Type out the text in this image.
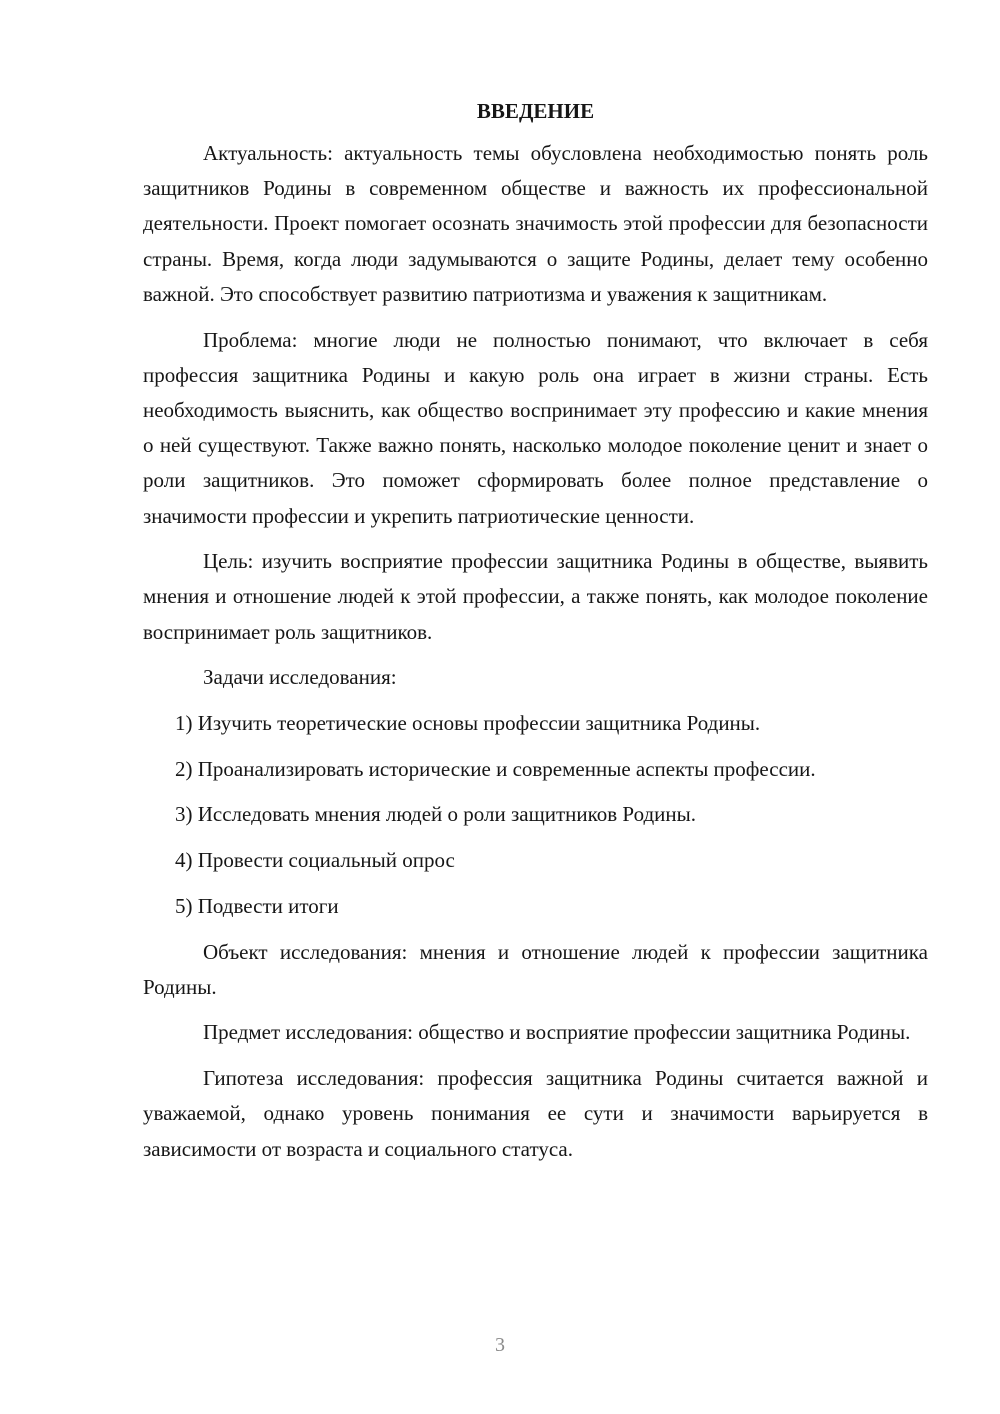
ВВЕДЕНИЕ

Актуальность: актуальность темы обусловлена необходимостью понять роль защитников Родины в современном обществе и важность их профессиональной деятельности. Проект помогает осознать значимость этой профессии для безопасности страны. Время, когда люди задумываются о защите Родины, делает тему особенно важной. Это способствует развитию патриотизма и уважения к защитникам.

Проблема: многие люди не полностью понимают, что включает в себя профессия защитника Родины и какую роль она играет в жизни страны. Есть необходимость выяснить, как общество воспринимает эту профессию и какие мнения о ней существуют. Также важно понять, насколько молодое поколение ценит и знает о роли защитников. Это поможет сформировать более полное представление о значимости профессии и укрепить патриотические ценности.

Цель: изучить восприятие профессии защитника Родины в обществе, выявить мнения и отношение людей к этой профессии, а также понять, как молодое поколение воспринимает роль защитников.

Задачи исследования:

1) Изучить теоретические основы профессии защитника Родины.

2) Проанализировать исторические и современные аспекты профессии.

3) Исследовать мнения людей о роли защитников Родины.

4) Провести социальный опрос

5) Подвести итоги

Объект исследования: мнения и отношение людей к профессии защитника Родины.

Предмет исследования: общество и восприятие профессии защитника Родины.

Гипотеза исследования: профессия защитника Родины считается важной и уважаемой, однако уровень понимания ее сути и значимости варьируется в зависимости от возраста и социального статуса.

3
